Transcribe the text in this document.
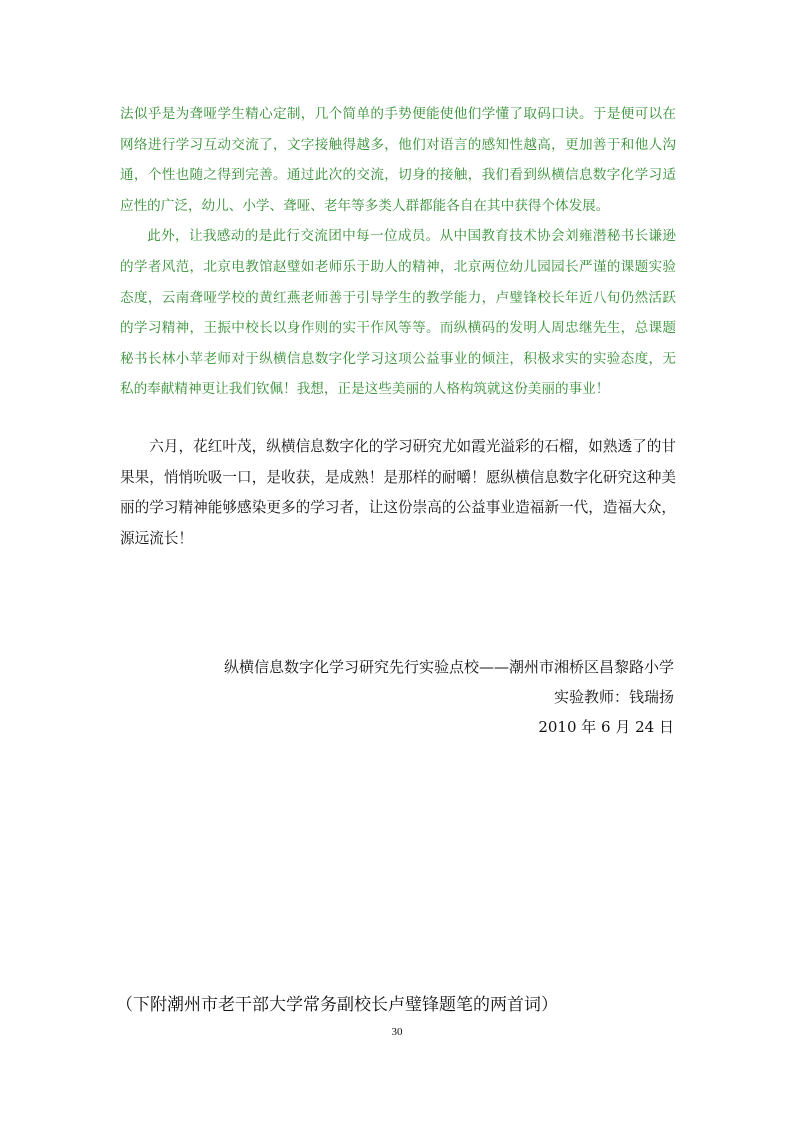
法似乎是为聋哑学生精心定制，几个简单的手势便能使他们学懂了取码口诀。于是便可以在网络进行学习互动交流了，文字接触得越多，他们对语言的感知性越高，更加善于和他人沟通，个性也随之得到完善。通过此次的交流，切身的接触，我们看到纵横信息数字化学习适应性的广泛，幼儿、小学、聋哑、老年等多类人群都能各自在其中获得个体发展。

此外，让我感动的是此行交流团中每一位成员。从中国教育技术协会刘雍潜秘书长谦逊的学者风范，北京电教馆赵璧如老师乐于助人的精神，北京两位幼儿园园长严谨的课题实验态度，云南聋哑学校的黄红燕老师善于引导学生的教学能力，卢璧锋校长年近八旬仍然活跃的学习精神，王振中校长以身作则的实干作风等等。而纵横码的发明人周忠继先生，总课题秘书长林小苹老师对于纵横信息数字化学习这项公益事业的倾注，积极求实的实验态度，无私的奉献精神更让我们钦佩！我想，正是这些美丽的人格构筑就这份美丽的事业！

六月，花红叶茂，纵横信息数字化的学习研究尤如霞光溢彩的石榴，如熟透了的甘果果，悄悄吮吸一口，是收获，是成熟！是那样的耐嚼！愿纵横信息数字化研究这种美丽的学习精神能够感染更多的学习者，让这份崇高的公益事业造福新一代，造福大众，源远流长！

纵横信息数字化学习研究先行实验点校——潮州市湘桥区昌黎路小学
实验教师：钱瑞扬
2010 年 6 月 24 日
（下附潮州市老干部大学常务副校长卢璧锋题笔的两首词）
30
